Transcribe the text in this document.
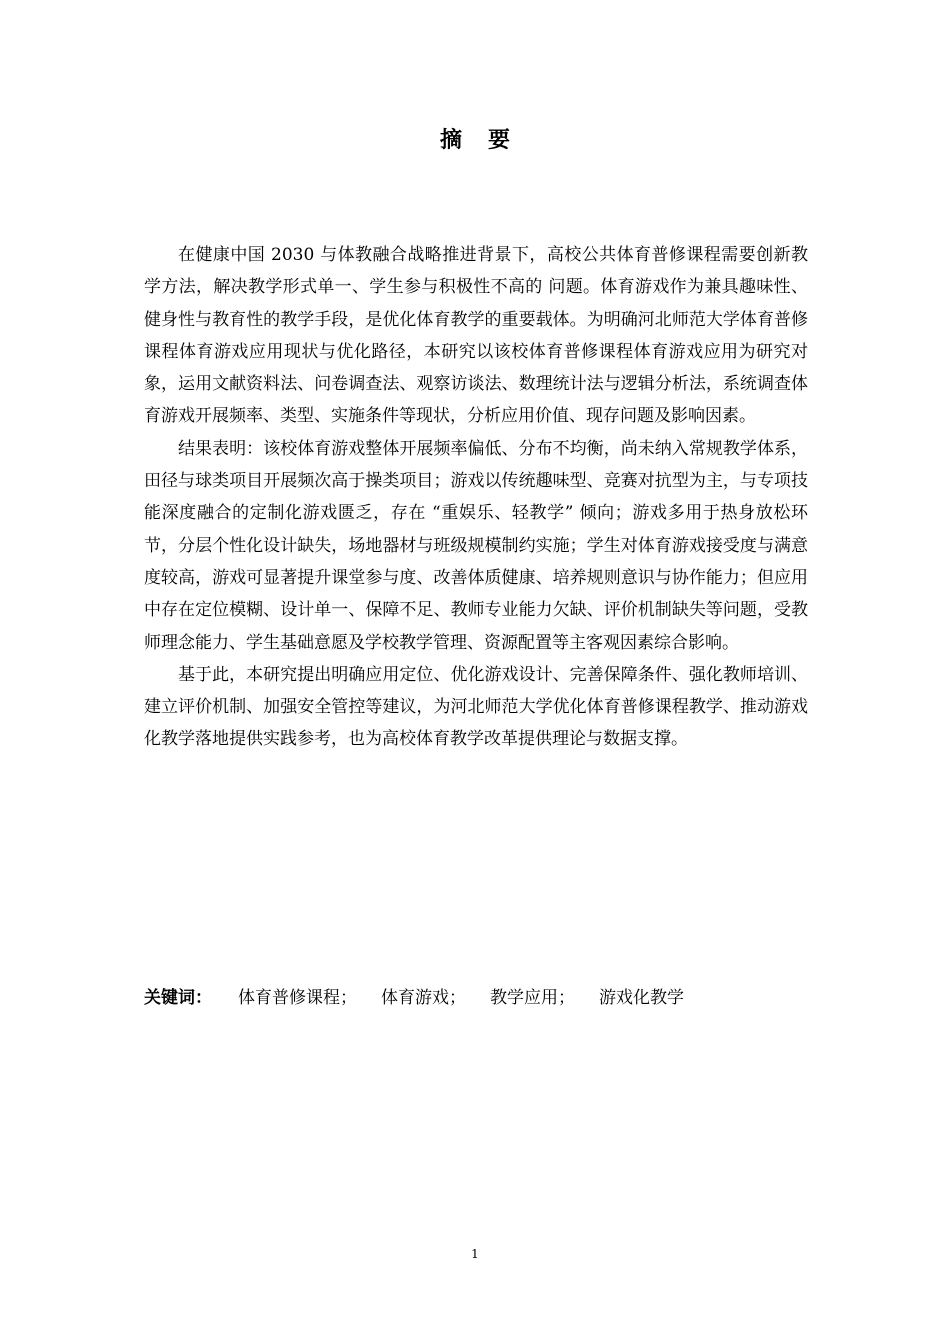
摘要

在健康中国 2030 与体教融合战略推进背景下，高校公共体育普修课程需要创新教学方法，解决教学形式单一、学生参与积极性不高的 问题。体育游戏作为兼具趣味性、健身性与教育性的教学手段，是优化体育教学的重要载体。为明确河北师范大学体育普修课程体育游戏应用现状与优化路径，本研究以该校体育普修课程体育游戏应用为研究对象，运用文献资料法、问卷调查法、观察访谈法、数理统计法与逻辑分析法，系统调查体育游戏开展频率、类型、实施条件等现状，分析应用价值、现存问题及影响因素。

结果表明：该校体育游戏整体开展频率偏低、分布不均衡，尚未纳入常规教学体系，田径与球类项目开展频次高于操类项目；游戏以传统趣味型、竞赛对抗型为主，与专项技能深度融合的定制化游戏匮乏，存在 “重娱乐、轻教学” 倾向；游戏多用于热身放松环节，分层个性化设计缺失，场地器材与班级规模制约实施；学生对体育游戏接受度与满意度较高，游戏可显著提升课堂参与度、改善体质健康、培养规则意识与协作能力；但应用中存在定位模糊、设计单一、保障不足、教师专业能力欠缺、评价机制缺失等问题，受教师理念能力、学生基础意愿及学校教学管理、资源配置等主客观因素综合影响。

基于此，本研究提出明确应用定位、优化游戏设计、完善保障条件、强化教师培训、建立评价机制、加强安全管控等建议，为河北师范大学优化体育普修课程教学、推动游戏化教学落地提供实践参考，也为高校体育教学改革提供理论与数据支撑。

关键词： 体育普修课程； 体育游戏； 教学应用； 游戏化教学
1
